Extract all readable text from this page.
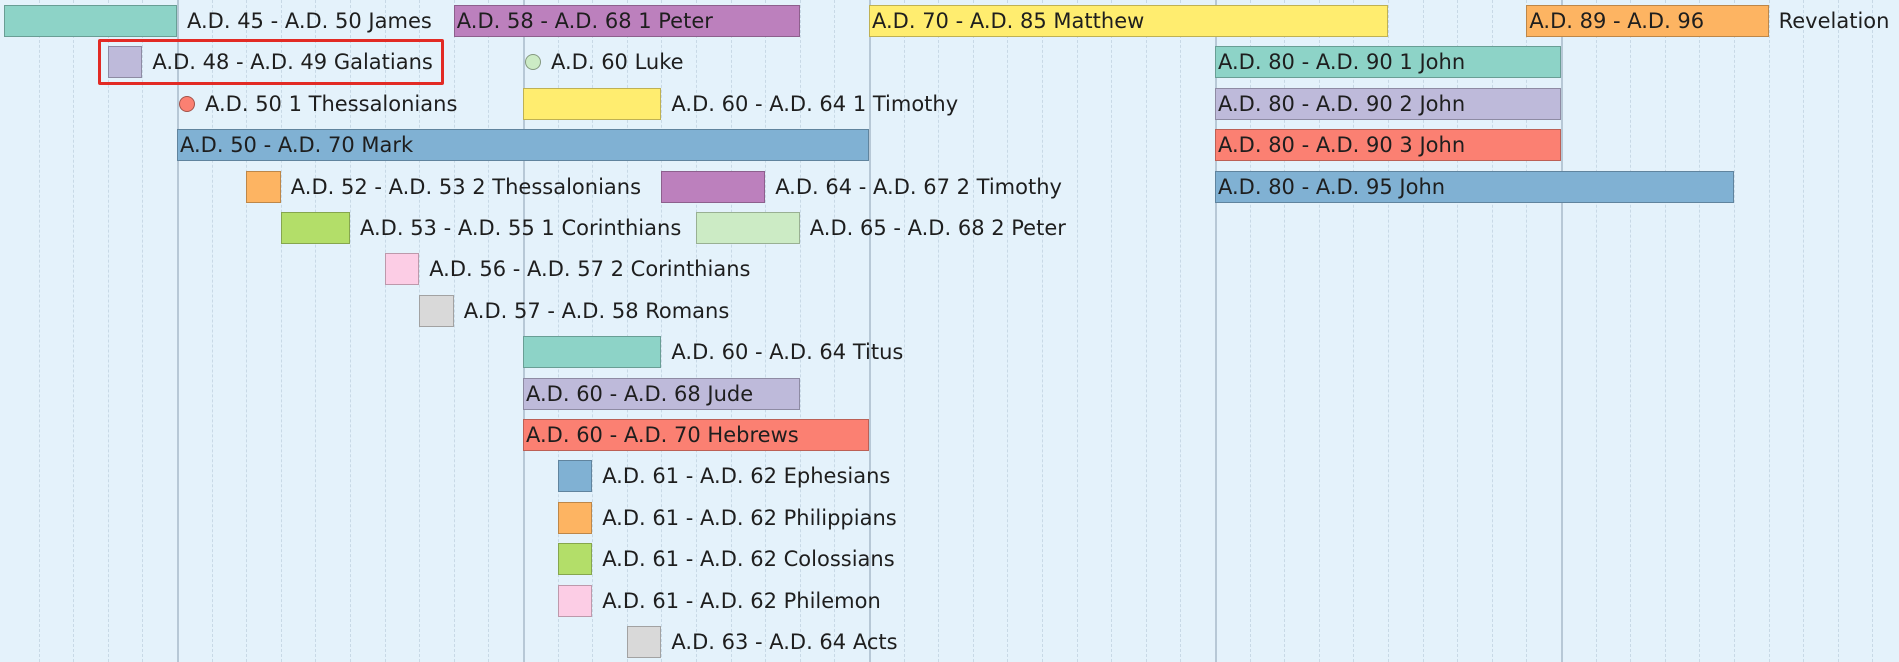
A.D. 45 - A.D. 50 James A.D. 58 - A.D. 68 1 Peter	A.D. 70 - A.D. 85 Matthew	A.D. 89 - A.D. 96	Revelation
A.D. 48 - A.D. 49 Galatians	A.D. 60 Luke	A.D. 80 - A.D. 90 1 John
A.D. 50 1 Thessalonians	A.D. 60 - A.D. 64 1 Timothy	A.D. 80 - A.D. 90 2 John
A.D. 50 - A.D. 70 Mark	A.D. 80 - A.D. 90 3 John
A.D. 52 - A.D. 53 2 Thessalonians	A.D. 64 - A.D. 67 2 Timothy	A.D. 80 - A.D. 95 John
A.D. 53 - A.D. 55 1 Corinthians	A.D. 65 - A.D. 68 2 Peter
A.D. 56 - A.D. 57 2 Corinthians
A.D. 57 - A.D. 58 Romans
A.D. 60 - A.D. 64 Titus
A.D. 60 - A.D. 68 Jude
A.D. 60 - A.D. 70 Hebrews
A.D. 61 - A.D. 62 Ephesians
A.D. 61 - A.D. 62 Philippians
A.D. 61 - A.D. 62 Colossians
A.D. 61 - A.D. 62 Philemon
A.D. 63 - A.D. 64 Acts
